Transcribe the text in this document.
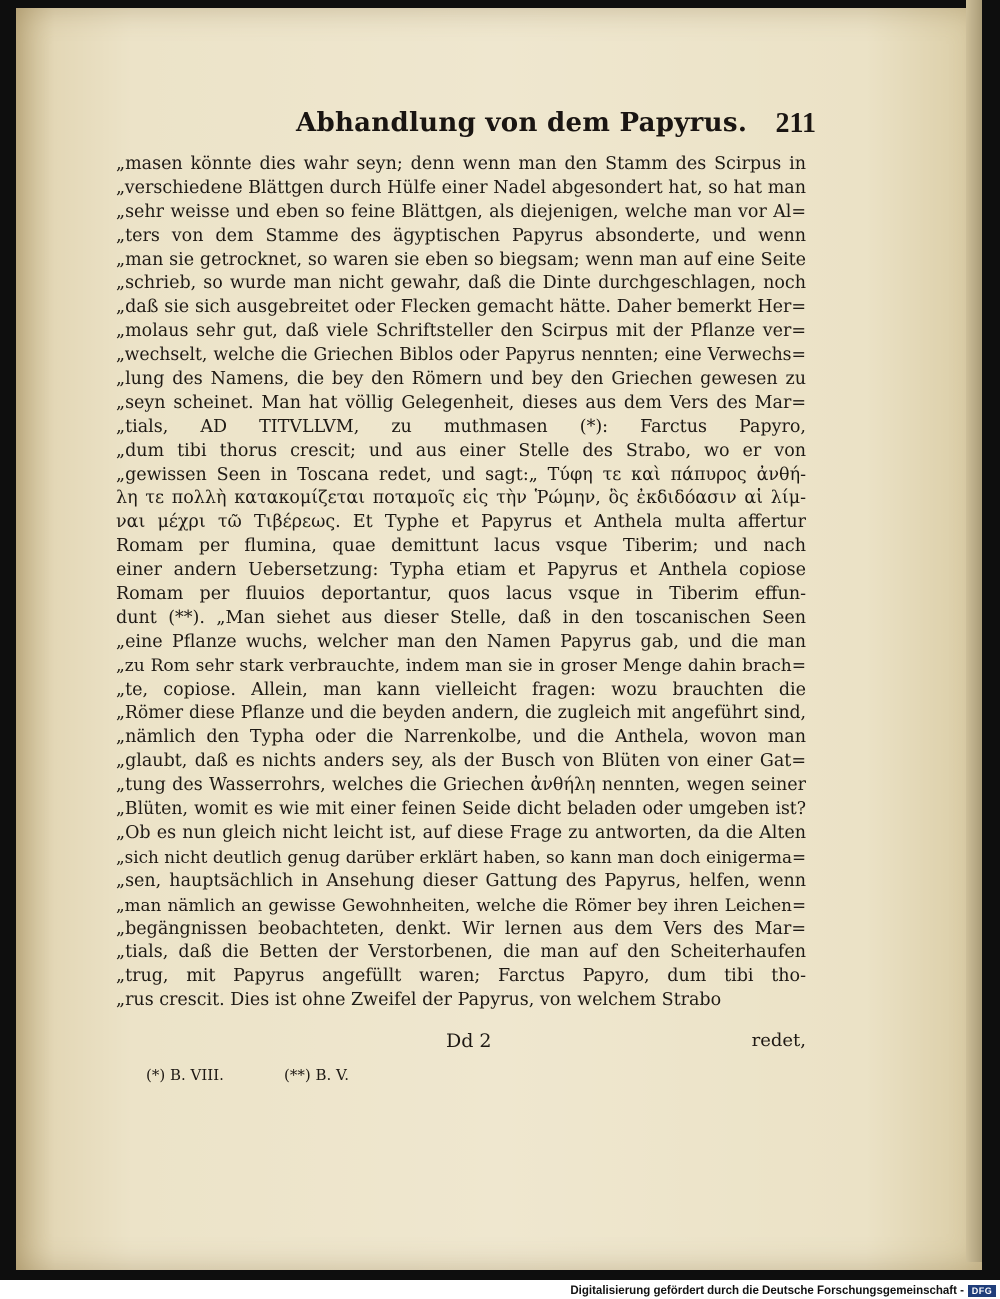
Abhandlung von dem Papyrus. 211
„masen könnte dies wahr seyn; denn wenn man den Stamm des Scirpus in
„verschiedene Blättgen durch Hülfe einer Nadel abgesondert hat, so hat man
„sehr weisse und eben so feine Blättgen, als diejenigen, welche man vor Al=
„ters von dem Stamme des ägyptischen Papyrus absonderte, und wenn
„man sie getrocknet, so waren sie eben so biegsam; wenn man auf eine Seite
„schrieb, so wurde man nicht gewahr, daß die Dinte durchgeschlagen, noch
„daß sie sich ausgebreitet oder Flecken gemacht hätte. Daher bemerkt Her=
„molaus sehr gut, daß viele Schriftsteller den Scirpus mit der Pflanze ver=
„wechselt, welche die Griechen Biblos oder Papyrus nennten; eine Verwechs=
„lung des Namens, die bey den Römern und bey den Griechen gewesen zu
„seyn scheinet. Man hat völlig Gelegenheit, dieses aus dem Vers des Mar=
„tials, AD TITVLLVM, zu muthmasen (*): Farctus Papyro,
„dum tibi thorus crescit; und aus einer Stelle des Strabo, wo er von
„gewissen Seen in Toscana redet, und sagt:„ Τύφη τε καὶ πάπυρος ἀνθή-
λη τε πολλὴ κατακομίζεται ποταμοῖς εἰς τὴν Ῥώμην, ὃς ἐκδιδόασιν αἱ λίμ-
ναι μέχρι τῶ Τιβέρεως. Et Typhe et Papyrus et Anthela multa affertur
Romam per flumina, quae demittunt lacus vsque Tiberim; und nach
einer andern Uebersetzung: Typha etiam et Papyrus et Anthela copiose
Romam per fluuios deportantur, quos lacus vsque in Tiberim effun-
dunt (**). „Man siehet aus dieser Stelle, daß in den toscanischen Seen
„eine Pflanze wuchs, welcher man den Namen Papyrus gab, und die man
„zu Rom sehr stark verbrauchte, indem man sie in groser Menge dahin brach=
„te, copiose. Allein, man kann vielleicht fragen: wozu brauchten die
„Römer diese Pflanze und die beyden andern, die zugleich mit angeführt sind,
„nämlich den Typha oder die Narrenkolbe, und die Anthela, wovon man
„glaubt, daß es nichts anders sey, als der Busch von Blüten von einer Gat=
„tung des Wasserrohrs, welches die Griechen ἀνθήλη nennten, wegen seiner
„Blüten, womit es wie mit einer feinen Seide dicht beladen oder umgeben ist?
„Ob es nun gleich nicht leicht ist, auf diese Frage zu antworten, da die Alten
„sich nicht deutlich genug darüber erklärt haben, so kann man doch einigerma=
„sen, hauptsächlich in Ansehung dieser Gattung des Papyrus, helfen, wenn
„man nämlich an gewisse Gewohnheiten, welche die Römer bey ihren Leichen=
„begängnissen beobachteten, denkt. Wir lernen aus dem Vers des Mar=
„tials, daß die Betten der Verstorbenen, die man auf den Scheiterhaufen
„trug, mit Papyrus angefüllt waren; Farctus Papyro, dum tibi tho-
„rus crescit. Dies ist ohne Zweifel der Papyrus, von welchem Strabo
Dd 2	redet,
(*) B. VIII.	(**) B. V.
Digitalisierung gefördert durch die Deutsche Forschungsgemeinschaft - DFG
